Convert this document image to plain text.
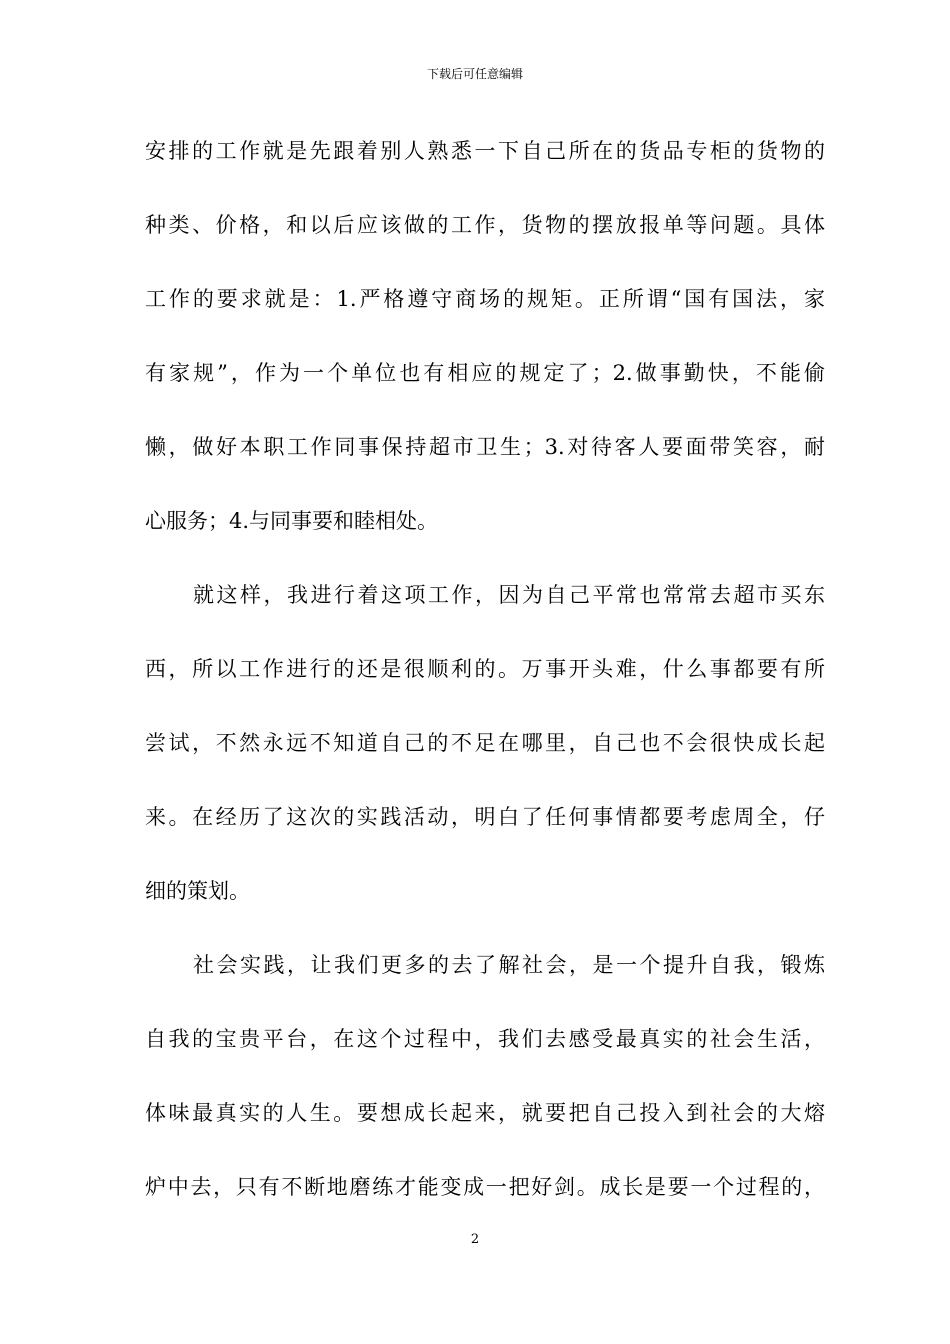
下载后可任意编辑
安排的工作就是先跟着别人熟悉一下自己所在的货品专柜的货物的
种类、价格，和以后应该做的工作，货物的摆放报单等问题。具体
工作的要求就是：1.严格遵守商场的规矩。正所谓“国有国法，家
有家规”，作为一个单位也有相应的规定了；2.做事勤快，不能偷
懒，做好本职工作同事保持超市卫生；3.对待客人要面带笑容，耐
心服务；4.与同事要和睦相处。
就这样，我进行着这项工作，因为自己平常也常常去超市买东
西，所以工作进行的还是很顺利的。万事开头难，什么事都要有所
尝试，不然永远不知道自己的不足在哪里，自己也不会很快成长起
来。在经历了这次的实践活动，明白了任何事情都要考虑周全，仔
细的策划。
社会实践，让我们更多的去了解社会，是一个提升自我，锻炼
自我的宝贵平台，在这个过程中，我们去感受最真实的社会生活，
体味最真实的人生。要想成长起来，就要把自己投入到社会的大熔
炉中去，只有不断地磨练才能变成一把好剑。成长是要一个过程的，
2
